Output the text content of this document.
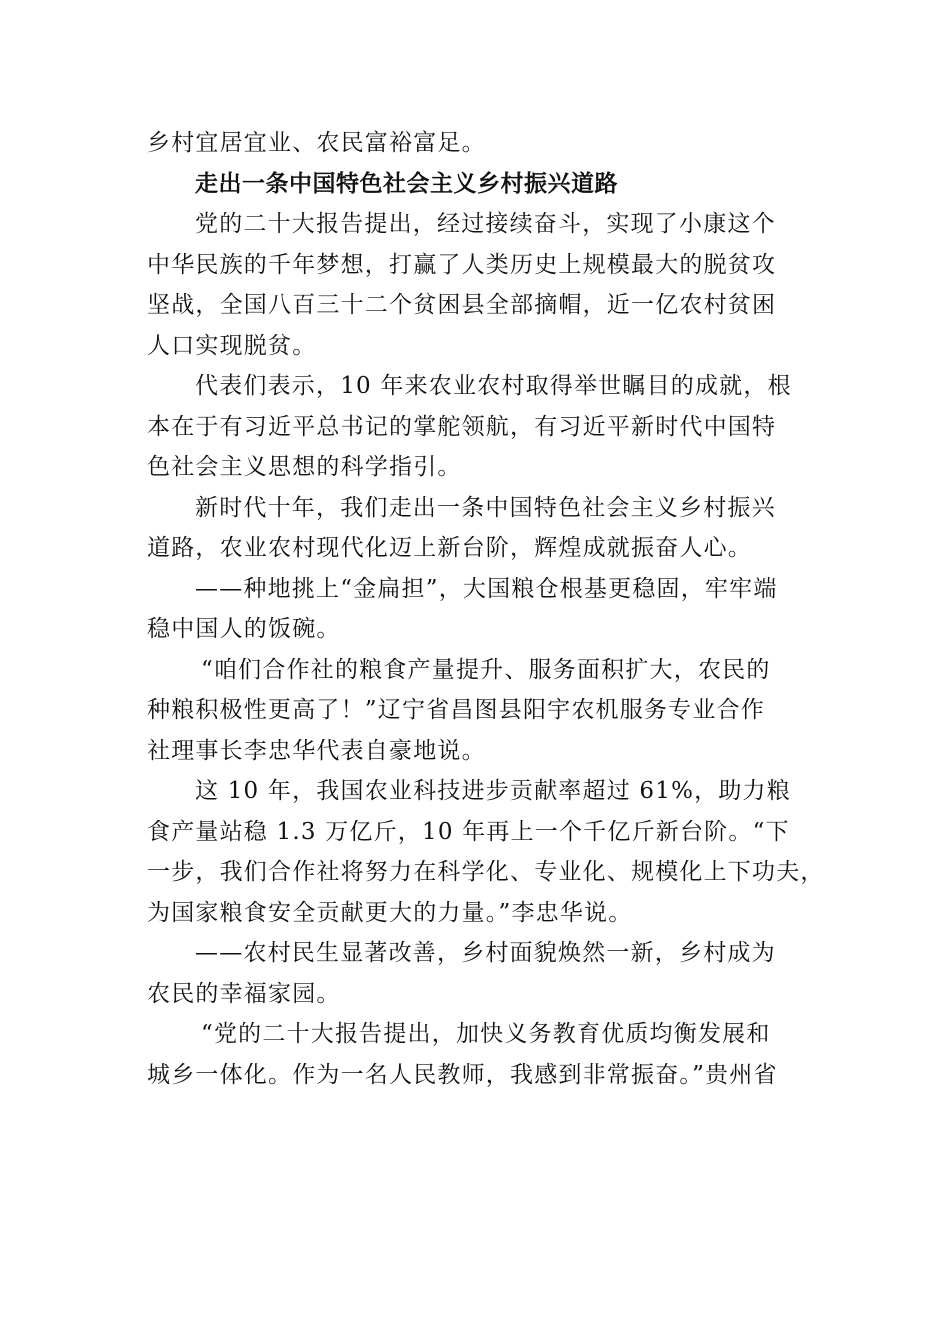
乡村宜居宜业、农民富裕富足。
走出一条中国特色社会主义乡村振兴道路
党的二十大报告提出，经过接续奋斗，实现了小康这个
中华民族的千年梦想，打赢了人类历史上规模最大的脱贫攻
坚战，全国八百三十二个贫困县全部摘帽，近一亿农村贫困
人口实现脱贫。
代表们表示，10 年来农业农村取得举世瞩目的成就，根
本在于有习近平总书记的掌舵领航，有习近平新时代中国特
色社会主义思想的科学指引。
新时代十年，我们走出一条中国特色社会主义乡村振兴
道路，农业农村现代化迈上新台阶，辉煌成就振奋人心。
——种地挑上“金扁担”，大国粮仓根基更稳固，牢牢端
稳中国人的饭碗。
“咱们合作社的粮食产量提升、服务面积扩大，农民的
种粮积极性更高了！”辽宁省昌图县阳宇农机服务专业合作
社理事长李忠华代表自豪地说。
这 10 年，我国农业科技进步贡献率超过 61%，助力粮
食产量站稳 1.3 万亿斤，10 年再上一个千亿斤新台阶。“下
一步，我们合作社将努力在科学化、专业化、规模化上下功夫，
为国家粮食安全贡献更大的力量。”李忠华说。
——农村民生显著改善，乡村面貌焕然一新，乡村成为
农民的幸福家园。
“党的二十大报告提出，加快义务教育优质均衡发展和
城乡一体化。作为一名人民教师，我感到非常振奋。”贵州省
